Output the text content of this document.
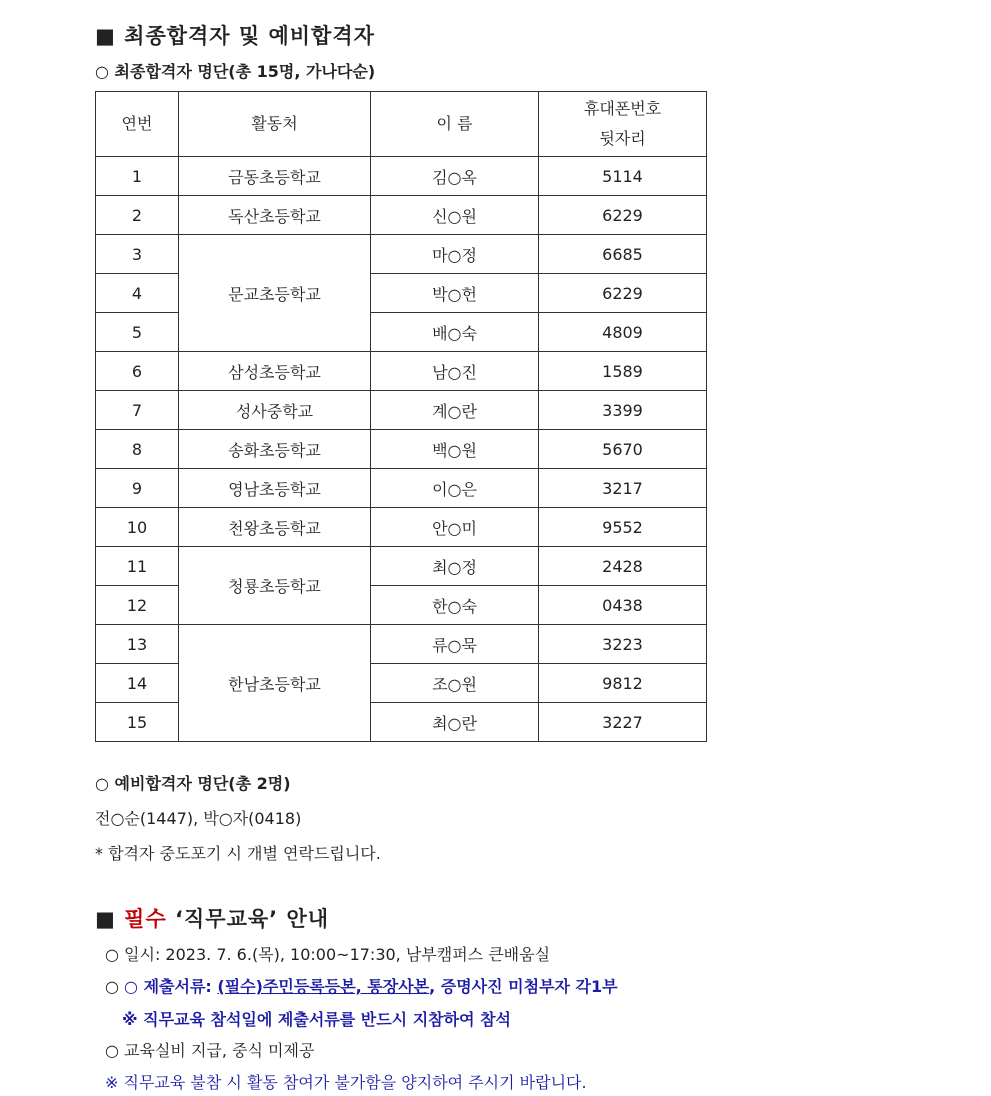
■ 최종합격자 및 예비합격자
○ 최종합격자 명단(총 15명, 가나다순)
연번	활동처	이 름	휴대폰번호
뒷자리
1	금동초등학교	김○옥	5114
2	독산초등학교	신○원	6229
3	문교초등학교	마○정	6685
4		박○헌	6229
5		배○숙	4809
6	삼성초등학교	남○진	1589
7	성사중학교	계○란	3399
8	송화초등학교	백○원	5670
9	영남초등학교	이○은	3217
10	천왕초등학교	안○미	9552
11	청룡초등학교	최○정	2428
12		한○숙	0438
13	한남초등학교	류○묵	3223
14		조○원	9812
15		최○란	3227
○ 예비합격자 명단(총 2명)
전○순(1447), 박○자(0418)
* 합격자 중도포기 시 개별 연락드립니다.
■ 필수 ‘직무교육’ 안내
○ 일시: 2023. 7. 6.(목), 10:00~17:30, 남부캠퍼스 큰배움실
○ ○ 제출서류: (필수)주민등록등본, 통장사본, 증명사진 미첨부자 각1부
※ 직무교육 참석일에 제출서류를 반드시 지참하여 참석
○ 교육실비 지급, 중식 미제공
※ 직무교육 불참 시 활동 참여가 불가함을 양지하여 주시기 바랍니다.
